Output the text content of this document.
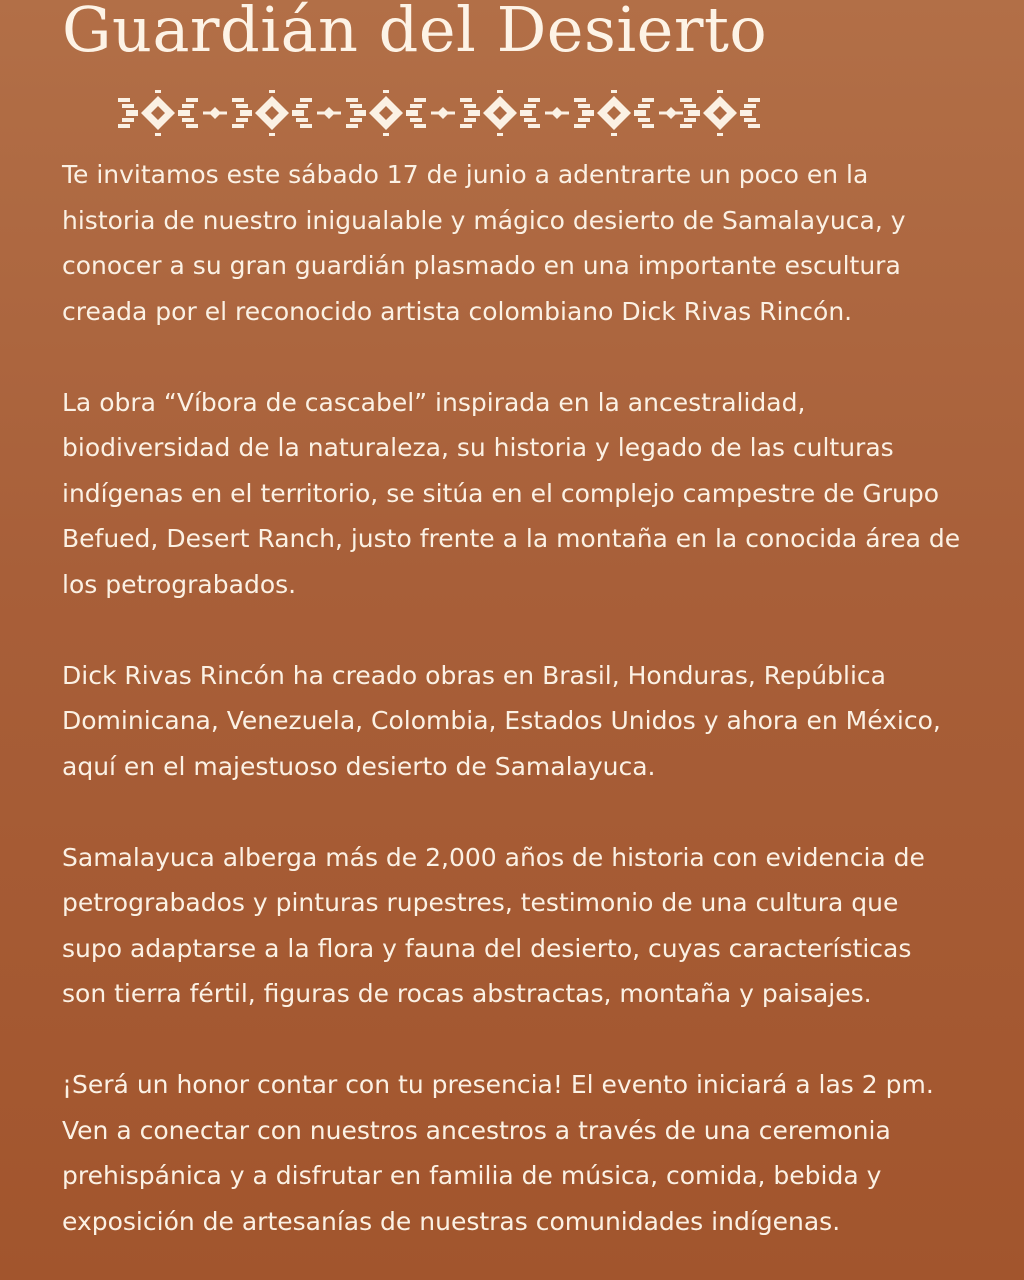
Guardián del Desierto

Te invitamos este sábado 17 de junio a adentrarte un poco en la historia de nuestro inigualable y mágico desierto de Samalayuca, y conocer a su gran guardián plasmado en una importante escultura creada por el reconocido artista colombiano Dick Rivas Rincón.

La obra “Víbora de cascabel” inspirada en la ancestralidad, biodiversidad de la naturaleza, su historia y legado de las culturas indígenas en el territorio, se sitúa en el complejo campestre de Grupo Befued, Desert Ranch, justo frente a la montaña en la conocida área de los petrograbados.

Dick Rivas Rincón ha creado obras en Brasil, Honduras, República Dominicana, Venezuela, Colombia, Estados Unidos y ahora en México, aquí en el majestuoso desierto de Samalayuca.

Samalayuca alberga más de 2,000 años de historia con evidencia de petrograbados y pinturas rupestres, testimonio de una cultura que supo adaptarse a la flora y fauna del desierto, cuyas características son tierra fértil, figuras de rocas abstractas, montaña y paisajes.

¡Será un honor contar con tu presencia! El evento iniciará a las 2 pm. Ven a conectar con nuestros ancestros a través de una ceremonia prehispánica y a disfrutar en familia de música, comida, bebida y exposición de artesanías de nuestras comunidades indígenas.
